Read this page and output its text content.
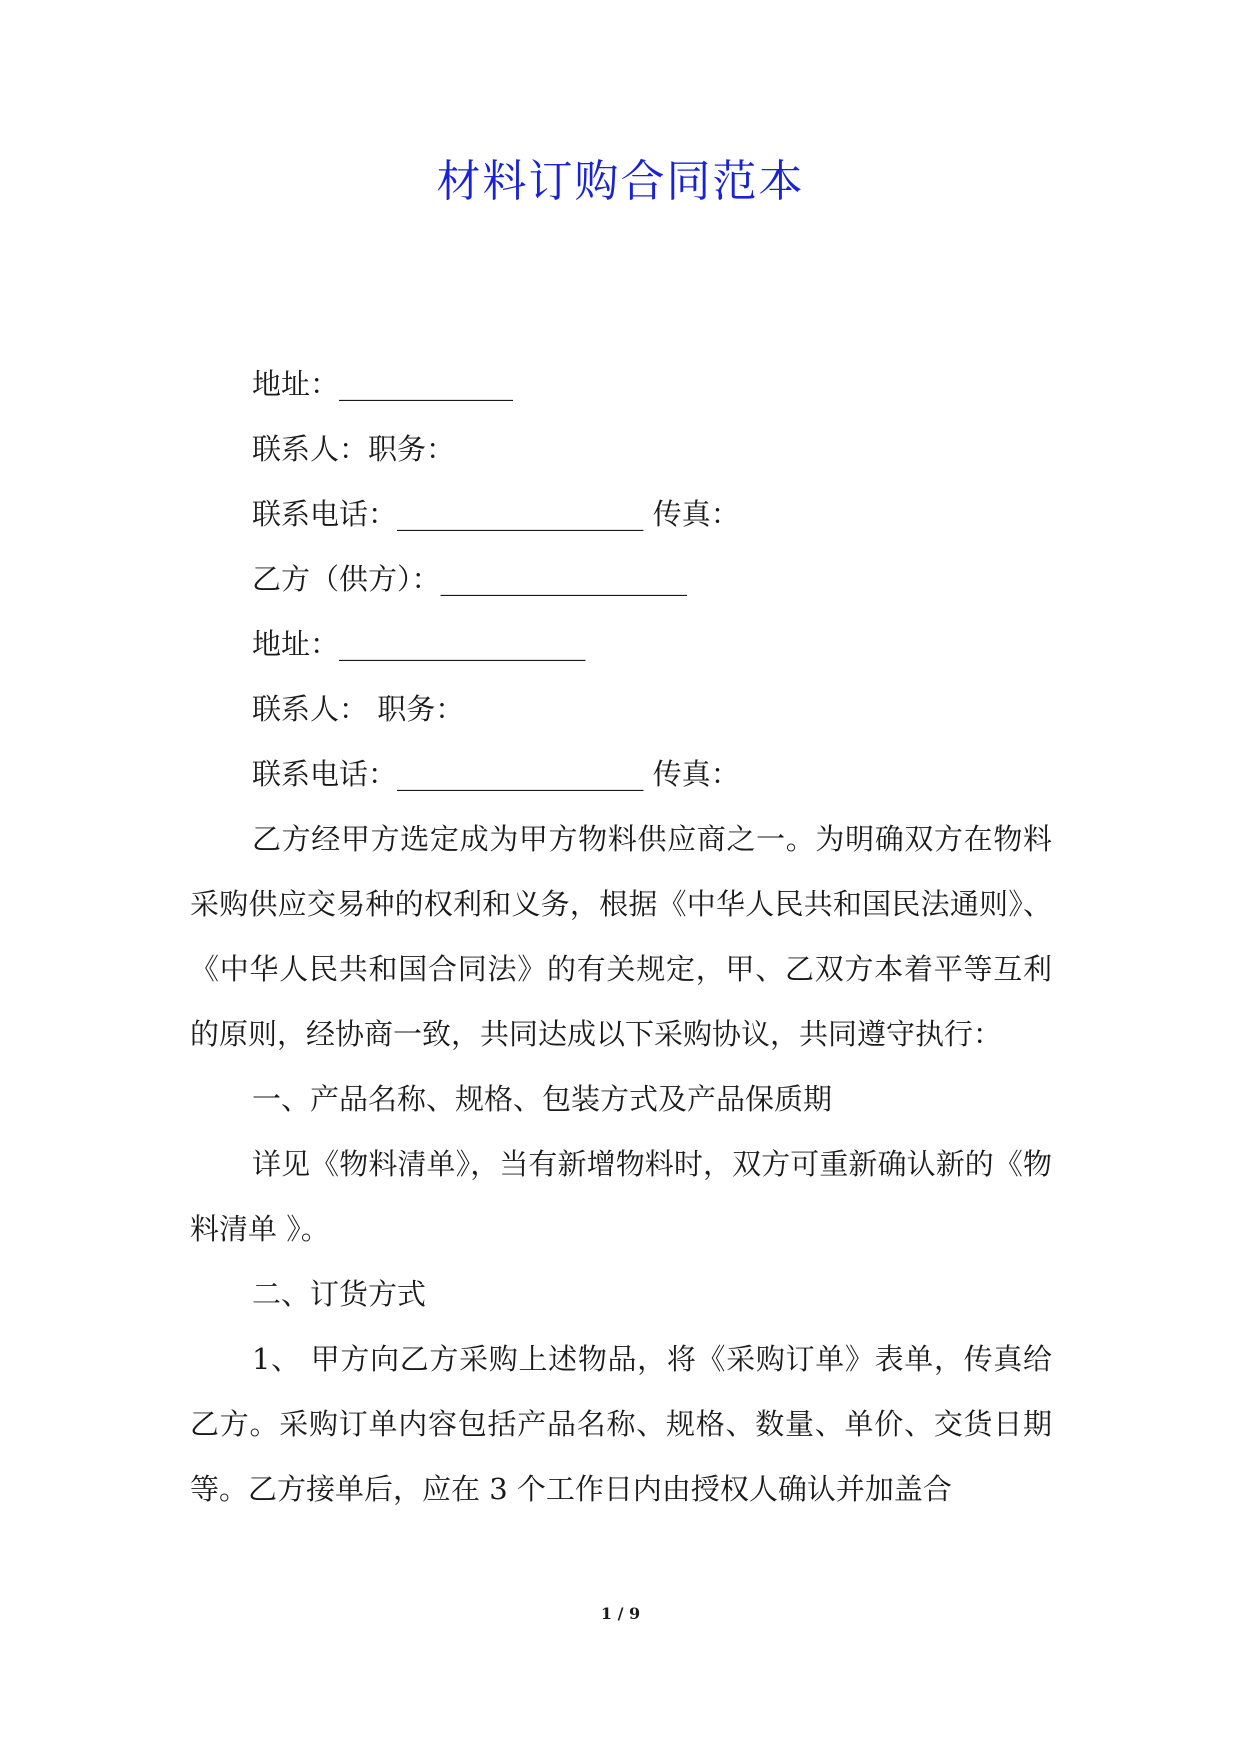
材料订购合同范本

地址：____________

联系人：职务：

联系电话：_________________ 传真：

乙方（供方）：_________________

地址：_________________

联系人： 职务：

联系电话：_________________ 传真：

乙方经甲方选定成为甲方物料供应商之一。为明确双方在物料采购供应交易种的权利和义务，根据《中华人民共和国民法通则》、《中华人民共和国合同法》的有关规定，甲、乙双方本着平等互利的原则，经协商一致，共同达成以下采购协议，共同遵守执行：

一、产品名称、规格、包装方式及产品保质期

详见《物料清单》，当有新增物料时，双方可重新确认新的《物料清单 》。

二、订货方式

1、 甲方向乙方采购上述物品，将《采购订单》表单，传真给乙方。采购订单内容包括产品名称、规格、数量、单价、交货日期等。乙方接单后，应在 3 个工作日内由授权人确认并加盖合

1 / 9
